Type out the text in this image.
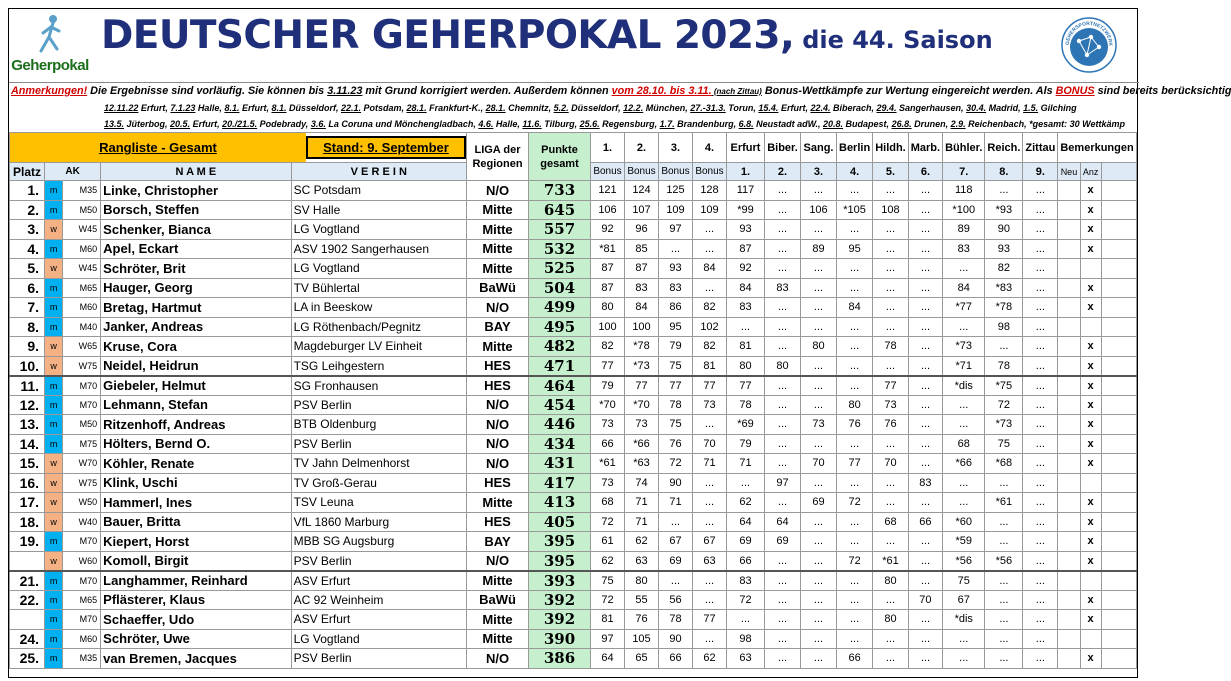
Geherpokal
DEUTSCHER GEHERPOKAL 2023, die 44. Saison	GEHERSPORTNETZWERK
Anmerkungen! Die Ergebnisse sind vorläufig. Sie können bis 3.11.23 mit Grund korrigiert werden. Außerdem können vom 28.10. bis 3.11. (nach Zittau) Bonus-Wettkämpfe zur Wertung eingereicht werden. Als BONUS sind bereits berücksichtig
12.11.22 Erfurt, 7.1.23 Halle, 8.1. Erfurt, 8.1. Düsseldorf, 22.1. Potsdam, 28.1. Frankfurt-K., 28.1. Chemnitz, 5.2. Düsseldorf, 12.2. München, 27.-31.3. Torun, 15.4. Erfurt, 22.4. Biberach, 29.4. Sangerhausen, 30.4. Madrid, 1.5. Gilching
13.5. Jüterbog, 20.5. Erfurt, 20./21.5. Podebrady, 3.6. La Coruna und Mönchengladbach, 4.6. Halle, 11.6. Tilburg, 25.6. Regensburg, 1.7. Brandenburg, 6.8. Neustadt adW., 20.8. Budapest, 26.8. Drunen, 2.9. Reichenbach, *gesamt: 30 Wettkämp
Rangliste - Gesamt Stand: 9. September					LIGA der Regionen	Punkte gesamt	1.	2.	3.	4.	Erfurt	Biber.	Sang.	Berlin	Hildh.	Marb.	Bühler.	Reich.	Zittau	Bemerkungen		
Platz	AK		N A M E	V E R E I N			Bonus	Bonus	Bonus	Bonus	1.	2.	3.	4.	5.	6.	7.	8.	9.	Neu	Anz	
1.	m	M35	Linke, Christopher	SC Potsdam	N/O	733	121	124	125	128	117	...	...	...	...	...	118	...	...		x	
2.	m	M50	Borsch, Steffen	SV Halle	Mitte	645	106	107	109	109	*99	...	106	*105	108	...	*100	*93	...		x	
3.	w	W45	Schenker, Bianca	LG Vogtland	Mitte	557	92	96	97	...	93	...	...	...	...	...	89	90	...		x	
4.	m	M60	Apel, Eckart	ASV 1902 Sangerhausen	Mitte	532	*81	85	...	...	87	...	89	95	...	...	83	93	...		x	
5.	w	W45	Schröter, Brit	LG Vogtland	Mitte	525	87	87	93	84	92	...	...	...	...	...	...	82	...			
6.	m	M65	Hauger, Georg	TV Bühlertal	BaWü	504	87	83	83	...	84	83	...	...	...	...	84	*83	...		x	
7.	m	M60	Bretag, Hartmut	LA in Beeskow	N/O	499	80	84	86	82	83	...	...	84	...	...	*77	*78	...		x	
8.	m	M40	Janker, Andreas	LG Röthenbach/Pegnitz	BAY	495	100	100	95	102	...	...	...	...	...	...	...	98	...			
9.	w	W65	Kruse, Cora	Magdeburger LV Einheit	Mitte	482	82	*78	79	82	81	...	80	...	78	...	*73	...	...		x	
10.	w	W75	Neidel, Heidrun	TSG Leihgestern	HES	471	77	*73	75	81	80	80	...	...	...	...	*71	78	...		x	
11.	m	M70	Giebeler, Helmut	SG Fronhausen	HES	464	79	77	77	77	77	...	...	...	77	...	*dis	*75	...		x	
12.	m	M70	Lehmann, Stefan	PSV Berlin	N/O	454	*70	*70	78	73	78	...	...	80	73	...	...	72	...		x	
13.	m	M50	Ritzenhoff, Andreas	BTB Oldenburg	N/O	446	73	73	75	...	*69	...	73	76	76	...	...	*73	...		x	
14.	m	M75	Hölters, Bernd O.	PSV Berlin	N/O	434	66	*66	76	70	79	...	...	...	...	...	68	75	...		x	
15.	w	W70	Köhler, Renate	TV Jahn Delmenhorst	N/O	431	*61	*63	72	71	71	...	70	77	70	...	*66	*68	...		x	
16.	w	W75	Klink, Uschi	TV Groß-Gerau	HES	417	73	74	90	...	...	97	...	...	...	83	...	...	...			
17.	w	W50	Hammerl, Ines	TSV Leuna	Mitte	413	68	71	71	...	62	...	69	72	...	...	...	*61	...		x	
18.	w	W40	Bauer, Britta	VfL 1860 Marburg	HES	405	72	71	...	...	64	64	...	...	68	66	*60	...	...		x	
19.	m	M70	Kiepert, Horst	MBB SG Augsburg	BAY	395	61	62	67	67	69	69	...	...	...	...	*59	...	...		x	
	w	W60	Komoll, Birgit	PSV Berlin	N/O	395	62	63	69	63	66	...	...	72	*61	...	*56	*56	...		x	
21.	m	M70	Langhammer, Reinhard	ASV Erfurt	Mitte	393	75	80	...	...	83	...	...	...	80	...	75	...	...			
22.	m	M65	Pflästerer, Klaus	AC 92 Weinheim	BaWü	392	72	55	56	...	72	...	...	...	...	70	67	...	...		x	
	m	M70	Schaeffer, Udo	ASV Erfurt	Mitte	392	81	76	78	77	...	...	...	...	80	...	*dis	...	...		x	
24.	m	M60	Schröter, Uwe	LG Vogtland	Mitte	390	97	105	90	...	98	...	...	...	...	...	...	...	...			
25.	m	M35	van Bremen, Jacques	PSV Berlin	N/O	386	64	65	66	62	63	...	...	66	...	...	...	...	...		x	
